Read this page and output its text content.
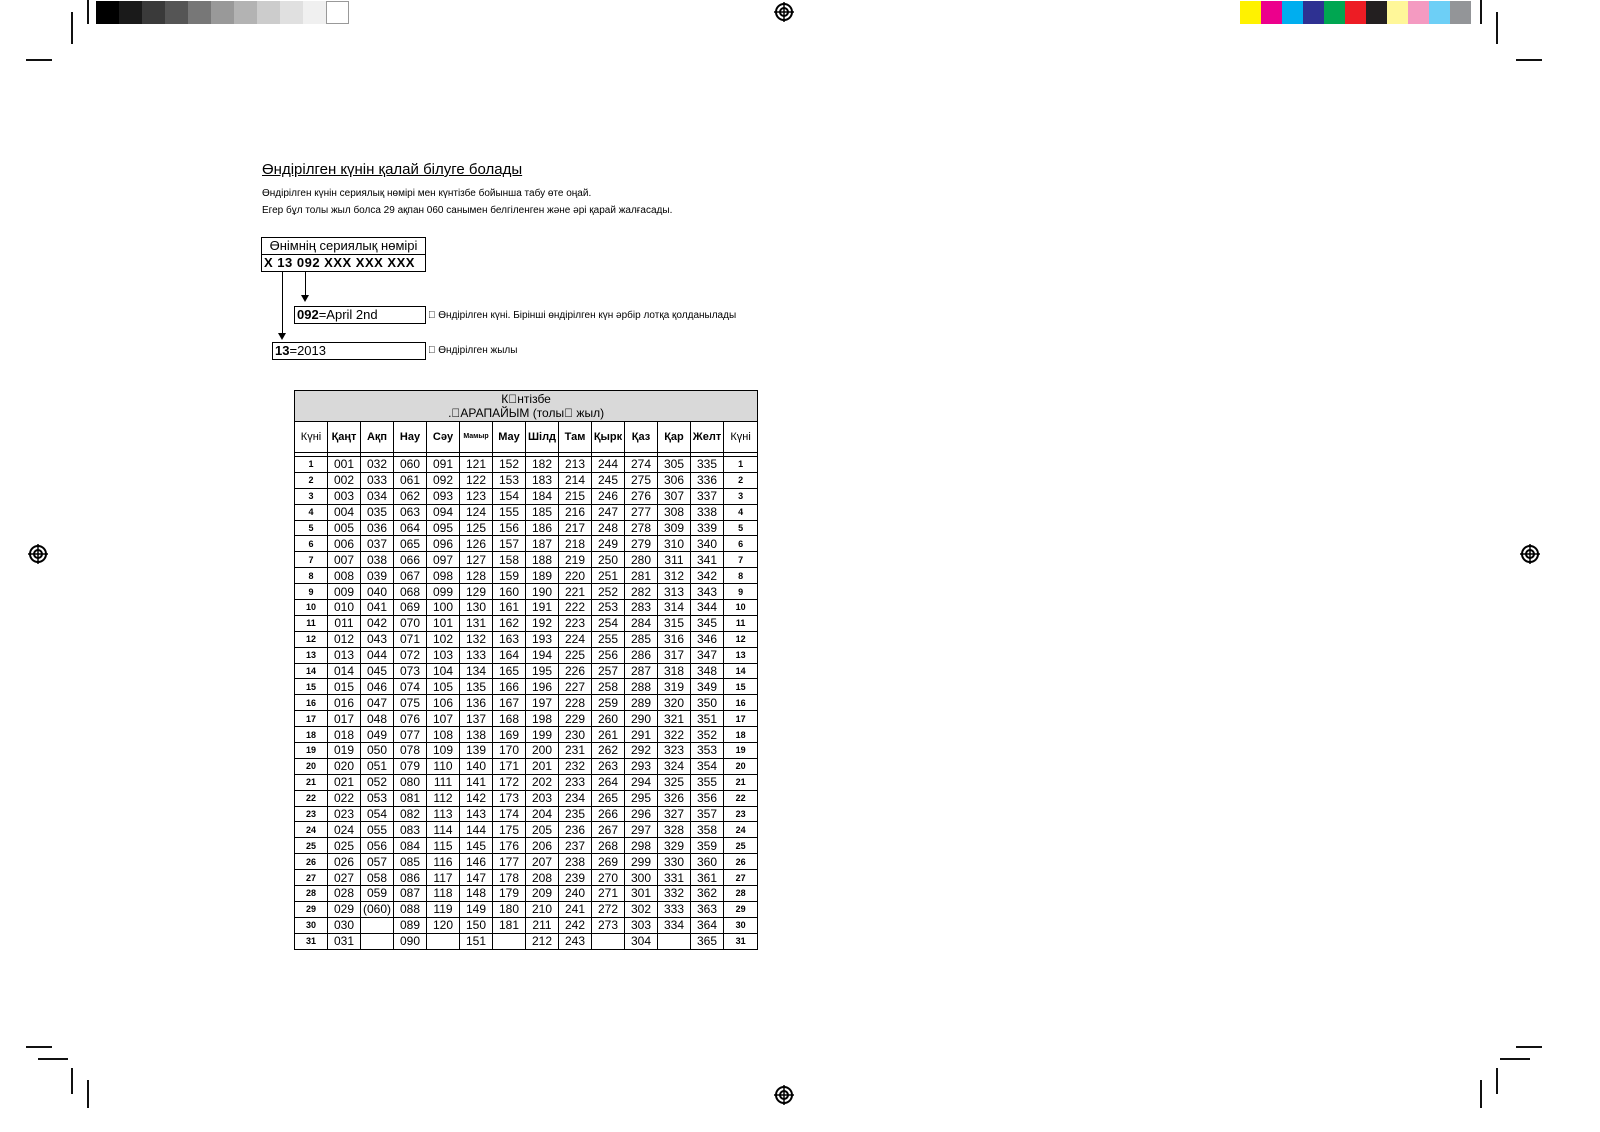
Өндірілген күнін қалай білуге болады
Өндірілген күнін сериялық нөмірі мен күнтізбе бойынша табу өте оңай.
Егер бұл толы жыл болса 29 ақпан 060 санымен белгіленген және әрі қарай жалғасады.
Өнімнің сериялық нөмірі
X 13 092 XXX XXX XXX
092=April 2nd	  Өндірілген күні. Бірінші өндірілген күн әрбір лотқа қолданылады
13=2013	  Өндірілген жылы
К нтізбе
. АРАПАЙЫМ (толы  жыл)													

Күні	Қаңт	Ақп	Нау	Сәу	Мамыр	Мау	Шілд	Там	Қырк	Қаз	Қар	Желт	Күні

1	001	032	060	091	121	152	182	213	244	274	305	335	1
2	002	033	061	092	122	153	183	214	245	275	306	336	2
3	003	034	062	093	123	154	184	215	246	276	307	337	3
4	004	035	063	094	124	155	185	216	247	277	308	338	4
5	005	036	064	095	125	156	186	217	248	278	309	339	5
6	006	037	065	096	126	157	187	218	249	279	310	340	6
7	007	038	066	097	127	158	188	219	250	280	311	341	7
8	008	039	067	098	128	159	189	220	251	281	312	342	8
9	009	040	068	099	129	160	190	221	252	282	313	343	9
10	010	041	069	100	130	161	191	222	253	283	314	344	10
11	011	042	070	101	131	162	192	223	254	284	315	345	11
12	012	043	071	102	132	163	193	224	255	285	316	346	12
13	013	044	072	103	133	164	194	225	256	286	317	347	13
14	014	045	073	104	134	165	195	226	257	287	318	348	14
15	015	046	074	105	135	166	196	227	258	288	319	349	15
16	016	047	075	106	136	167	197	228	259	289	320	350	16
17	017	048	076	107	137	168	198	229	260	290	321	351	17
18	018	049	077	108	138	169	199	230	261	291	322	352	18
19	019	050	078	109	139	170	200	231	262	292	323	353	19
20	020	051	079	110	140	171	201	232	263	293	324	354	20
21	021	052	080	111	141	172	202	233	264	294	325	355	21
22	022	053	081	112	142	173	203	234	265	295	326	356	22
23	023	054	082	113	143	174	204	235	266	296	327	357	23
24	024	055	083	114	144	175	205	236	267	297	328	358	24
25	025	056	084	115	145	176	206	237	268	298	329	359	25
26	026	057	085	116	146	177	207	238	269	299	330	360	26
27	027	058	086	117	147	178	208	239	270	300	331	361	27
28	028	059	087	118	148	179	209	240	271	301	332	362	28
29	029	(060)	088	119	149	180	210	241	272	302	333	363	29
30	030		089	120	150	181	211	242	273	303	334	364	30
31	031		090		151		212	243		304		365	31
